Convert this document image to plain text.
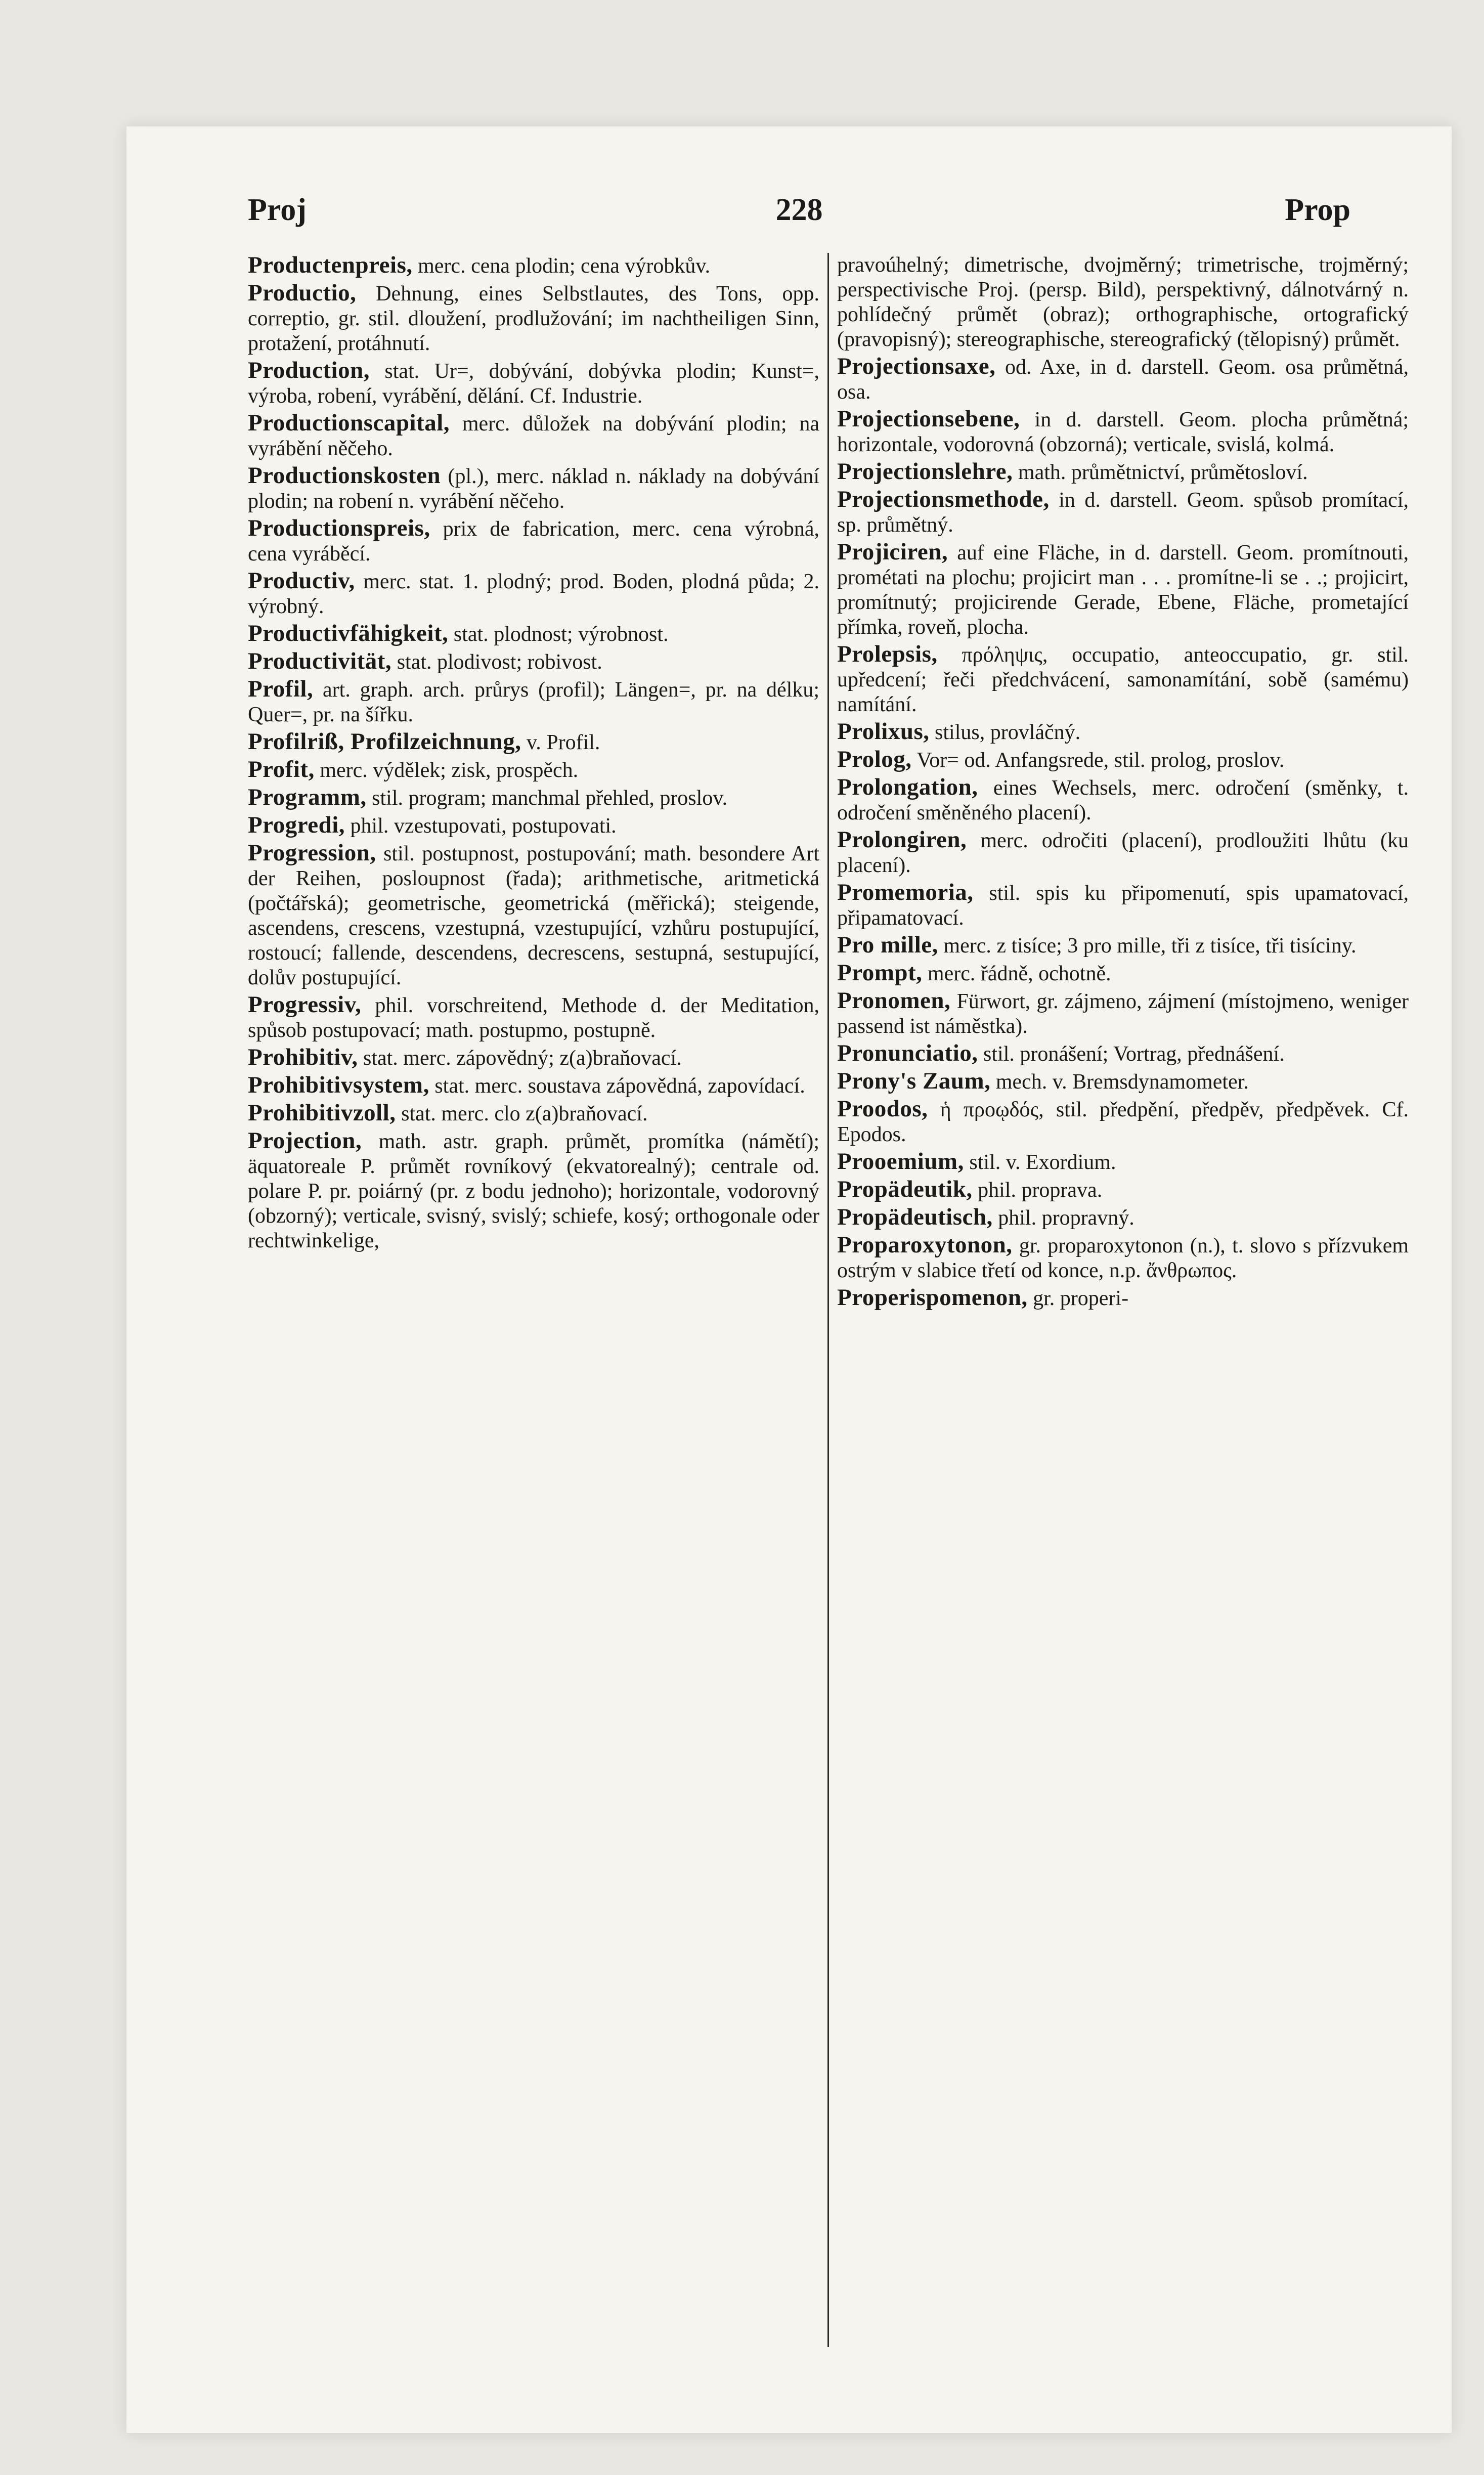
Proj	228	Prop

Productenpreis, merc. cena plodin; cena výrobkův.

Productio, Dehnung, eines Selbstlautes, des Tons, opp. correptio, gr. stil. dloužení, prodlužování; im nachtheiligen Sinn, protažení, protáhnutí.

Production, stat. Ur=, dobývání, dobývka plodin; Kunst=, výroba, robení, vyrábění, dělání. Cf. Industrie.

Productionscapital, merc. důložek na dobývání plodin; na vyrábění něčeho.

Productionskosten (pl.), merc. náklad n. náklady na dobývání plodin; na robení n. vyrábění něčeho.

Productionspreis, prix de fabrication, merc. cena výrobná, cena vyráběcí.

Productiv, merc. stat. 1. plodný; prod. Boden, plodná půda; 2. výrobný.

Productivfähigkeit, stat. plodnost; výrobnost.

Productivität, stat. plodivost; robivost.

Profil, art. graph. arch. průrys (profil); Längen=, pr. na délku; Quer=, pr. na šířku.

Profilriß, Profilzeichnung, v. Profil.

Profit, merc. výdělek; zisk, prospěch.

Programm, stil. program; manchmal přehled, proslov.

Progredi, phil. vzestupovati, postupovati.

Progression, stil. postupnost, postupování; math. besondere Art der Reihen, posloupnost (řada); arithmetische, aritmetická (počtářská); geometrische, geometrická (měřická); steigende, ascendens, crescens, vzestupná, vzestupující, vzhůru postupující, rostoucí; fallende, descendens, decrescens, sestupná, sestupující, dolův postupující.

Progressiv, phil. vorschreitend, Methode d. der Meditation, spůsob postupovací; math. postupmo, postupně.

Prohibitiv, stat. merc. zápovědný; z(a)braňovací.

Prohibitivsystem, stat. merc. soustava zápovědná, zapovídací.

Prohibitivzoll, stat. merc. clo z(a)braňovací.

Projection, math. astr. graph. průmět, promítka (námětí); äquatoreale P. průmět rovníkový (ekvatorealný); centrale od. polare P. pr. poiárný (pr. z bodu jednoho); horizontale, vodorovný (obzorný); verticale, svisný, svislý; schiefe, kosý; orthogonale oder rechtwinkelige,

pravoúhelný; dimetrische, dvojměrný; trimetrische, trojměrný; perspectivische Proj. (persp. Bild), perspektivný, dálnotvárný n. pohlídečný průmět (obraz); orthographische, ortografický (pravopisný); stereographische, stereografický (tělopisný) průmět.

Projectionsaxe, od. Axe, in d. darstell. Geom. osa průmětná, osa.

Projectionsebene, in d. darstell. Geom. plocha průmětná; horizontale, vodorovná (obzorná); verticale, svislá, kolmá.

Projectionslehre, math. průmětnictví, průmětosloví.

Projectionsmethode, in d. darstell. Geom. spůsob promítací, sp. průmětný.

Projiciren, auf eine Fläche, in d. darstell. Geom. promítnouti, prométati na plochu; projicirt man . . . promítne-li se . .; projicirt, promítnutý; projicirende Gerade, Ebene, Fläche, prometající přímka, roveň, plocha.

Prolepsis, πρόληψις, occupatio, anteoccupatio, gr. stil. upředcení; řeči předchvácení, samonamítání, sobě (samému) namítání.

Prolixus, stilus, provláčný.

Prolog, Vor= od. Anfangsrede, stil. prolog, proslov.

Prolongation, eines Wechsels, merc. odročení (směnky, t. odročení směněného placení).

Prolongiren, merc. odročiti (placení), prodloužiti lhůtu (ku placení).

Promemoria, stil. spis ku připomenutí, spis upamatovací, připamatovací.

Pro mille, merc. z tisíce; 3 pro mille, tři z tisíce, tři tisíciny.

Prompt, merc. řádně, ochotně.

Pronomen, Fürwort, gr. zájmeno, zájmení (místojmeno, weniger passend ist náměstka).

Pronunciatio, stil. pronášení; Vortrag, přednášení.

Prony's Zaum, mech. v. Bremsdynamometer.

Proodos, ἡ προῳδός, stil. předpění, předpěv, předpěvek. Cf. Epodos.

Prooemium, stil. v. Exordium.

Propädeutik, phil. proprava.

Propädeutisch, phil. propravný.

Proparoxytonon, gr. proparoxytonon (n.), t. slovo s přízvukem ostrým v slabice třetí od konce, n.p. ἄνθρωπος.

Properispomenon, gr. properi-
